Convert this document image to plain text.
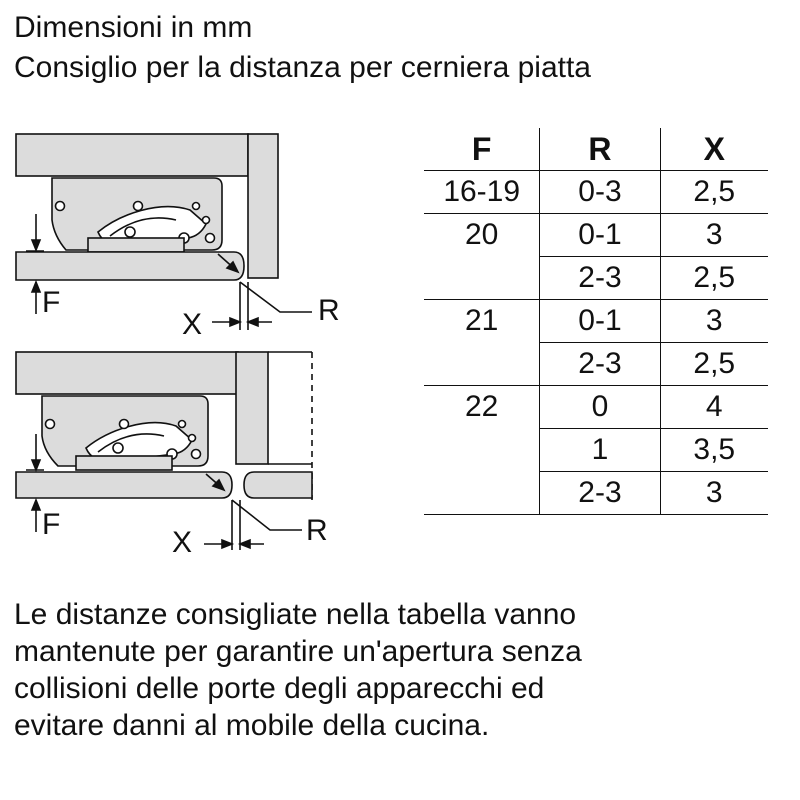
Dimensioni in mm
Consiglio per la distanza per cerniera piatta
F
X	R
F
X	R
F	R	X
16-19	0-3	2,5
20	0-1	3
	2-3	2,5
21	0-1	3
	2-3	2,5
22	0	4
	1	3,5
	2-3	3
Le distanze consigliate nella tabella vanno
mantenute per garantire un'apertura senza
collisioni delle porte degli apparecchi ed
evitare danni al mobile della cucina.
